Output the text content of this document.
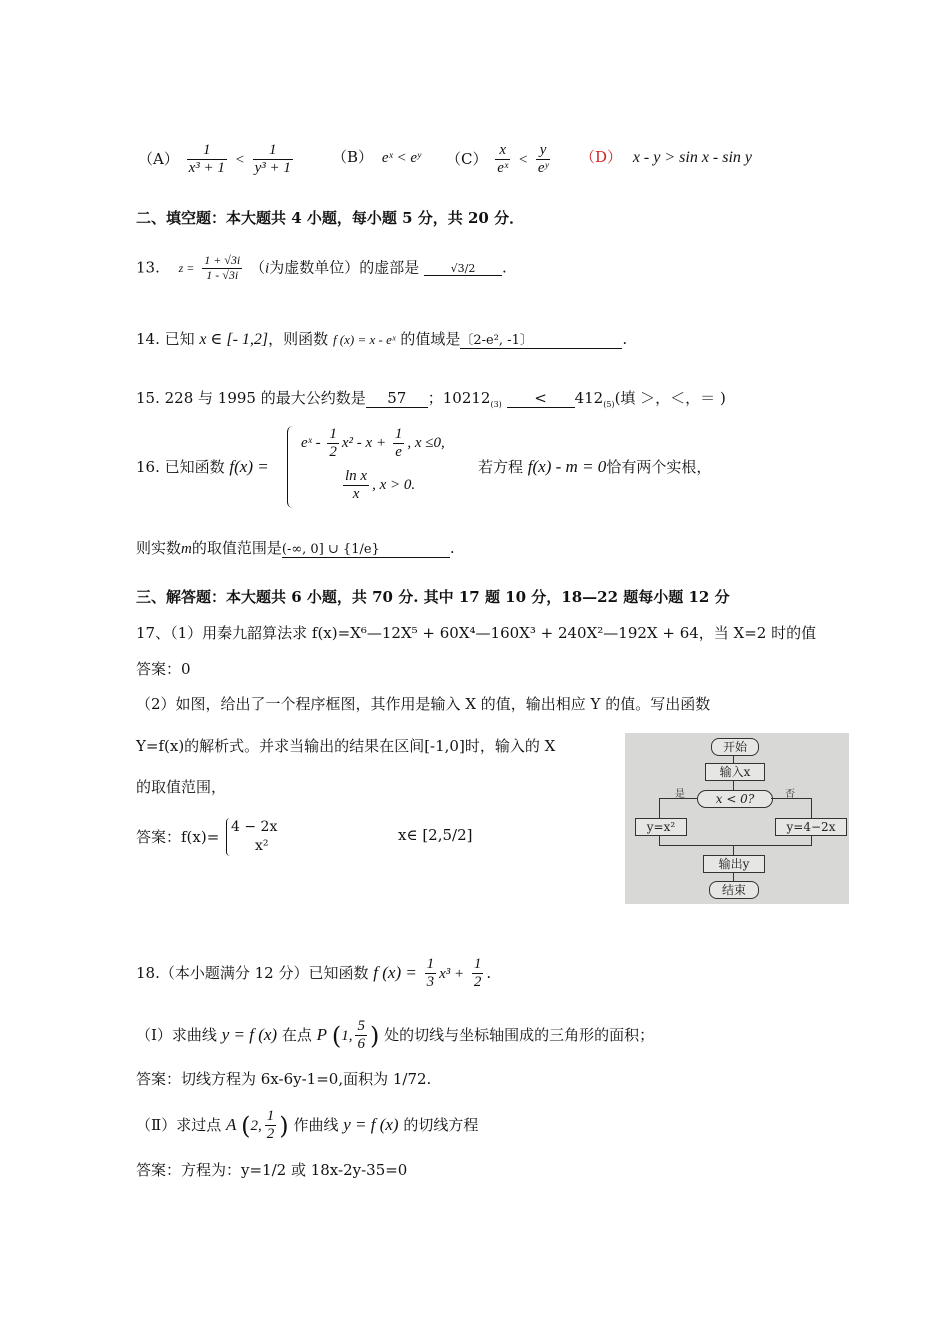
$(A) \frac{1}{\text{x³ + 1}} < \frac{1}{\text{y³ + 1}}$	（B） eˣ < eʸ $(C) \frac{x}{\text{eˣ}} < \frac{y}{\text{eʸ}} (D)$ x - y > sin x - sin y
二、填空题：本大题共 4 小题，每小题 5 分，共 20 分．
13. $z = \frac{1 + √3i}{1 - √3i} (i$为虚数单位）的虚部是	√3/2 .
14. 已知 x ∈ [- 1,2]，则函数 f (x) = x - eˣ 的值域是〔2-e², -1〕	.
15. 228 与 1995 的最大公约数是 57 ；$10212_{(3)} < 412_{(5)}$(填 ＞，＜，＝ )
16. 已知函数 f(x) =
eˣ - $\frac{1}{2} x^2 - x + \frac{1}{e}$ , x ≤0,
$\frac{\text{ln x}}{x}$ , x > 0.
若方程 f(x) - m = 0恰有两个实根，
则实数m的取值范围是(-∞, 0] ∪ {1/e}	.
三、解答题：本大题共 6 小题，共 70 分. 其中 17 题 10 分，18—22 题每小题 12 分
17、（1）用秦九韶算法求 f(x)=X⁶—12X⁵ + 60X⁴—160X³ + 240X²—192X + 64，当 X=2 时的值
答案：0
（2）如图，给出了一个程序框图，其作用是输入 X 的值，输出相应 Y 的值。写出函数
Y=f(x)的解析式。并求当输出的结果在区间[-1,0]时，输入的 X
的取值范围，
答案：f(x)=
4 − 2x
x²
x∈ [2,5/2]
开始
输入x
x < 0?
是	否
y=x²	y=4−2x
输出y
结束
18.（本小题满分 12 分）已知函数 f $(x) = \frac{1}{3} x^3 + \frac{1}{2}$ .
（Ⅰ）求曲线 y = f (x) 在点 P (1, $\frac{5}{6}$ ) 处的切线与坐标轴围成的三角形的面积；
答案：切线方程为 6x-6y-1=0,面积为 1/72.
（Ⅱ）求过点 A (2, $\frac{1}{2}$ ) 作曲线 y = f (x) 的切线方程
答案：方程为：y=1/2 或 18x-2y-35=0
